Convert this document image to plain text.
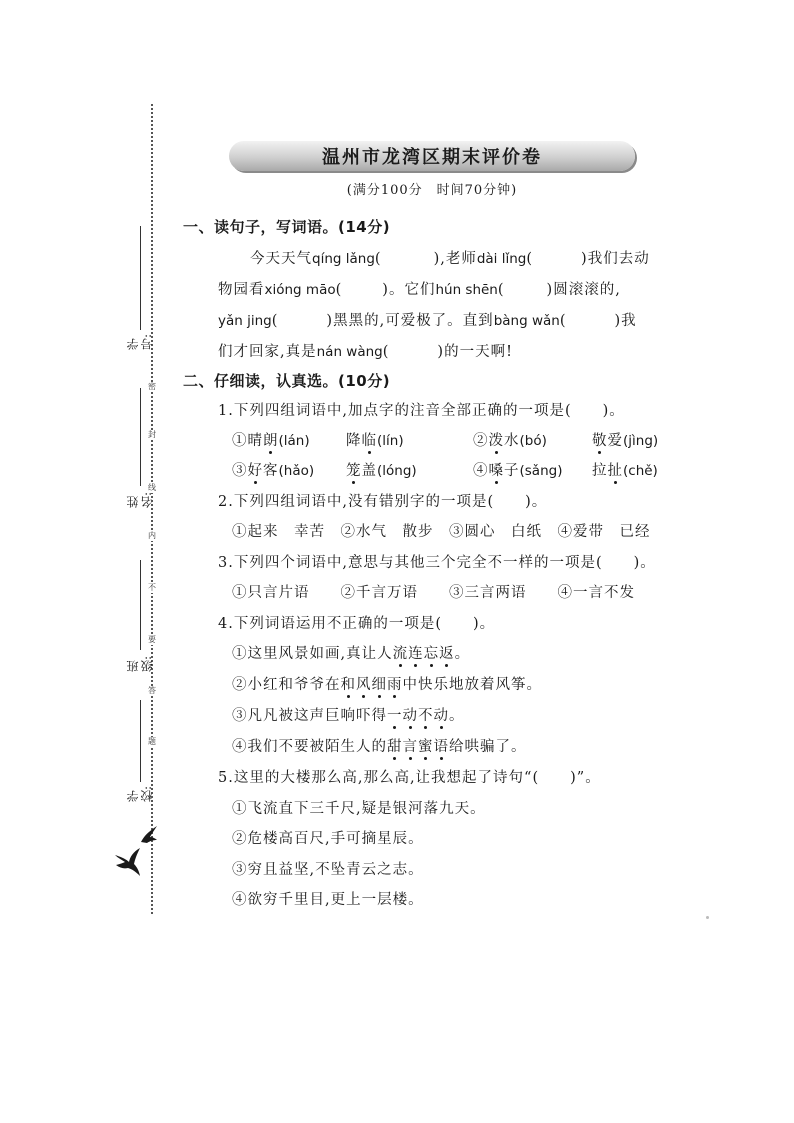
密
封
线
内
不
要
答
题
学号:
姓名:
班级:
学校:
温州市龙湾区期末评价卷
(满分100分　时间70分钟)
一、读句子，写词语。(14分)
今天天气qíng lǎng(	),老师dài lǐng(	)我们去动
物园看xióng māo(	)。它们hún shēn(	)圆滚滚的,
yǎn jing(	)黑黑的,可爱极了。直到bàng wǎn(	)我
们才回家,真是nán wàng(	)的一天啊!
二、仔细读，认真选。(10分)
1.下列四组词语中,加点字的注音全部正确的一项是(　　)。
①晴朗(lán)	降临(lín)	②泼水(bó)	敬爱(jìng)
③好客(hǎo) 笼盖(lóng)	④嗓子(sǎng) 拉扯(chě)
2.下列四组词语中,没有错别字的一项是(　　)。
①起来　幸苦　②水气　散步　③圆心　白纸　④爱带　已经
3.下列四个词语中,意思与其他三个完全不一样的一项是(　　)。
①只言片语　　②千言万语　　③三言两语　　④一言不发
4.下列词语运用不正确的一项是(　　)。
①这里风景如画,真让人流连忘返。
②小红和爷爷在和风细雨中快乐地放着风筝。
③凡凡被这声巨响吓得一动不动。
④我们不要被陌生人的甜言蜜语给哄骗了。
5.这里的大楼那么高,那么高,让我想起了诗句“(　　)”。
①飞流直下三千尺,疑是银河落九天。
②危楼高百尺,手可摘星辰。
③穷且益坚,不坠青云之志。
④欲穷千里目,更上一层楼。
